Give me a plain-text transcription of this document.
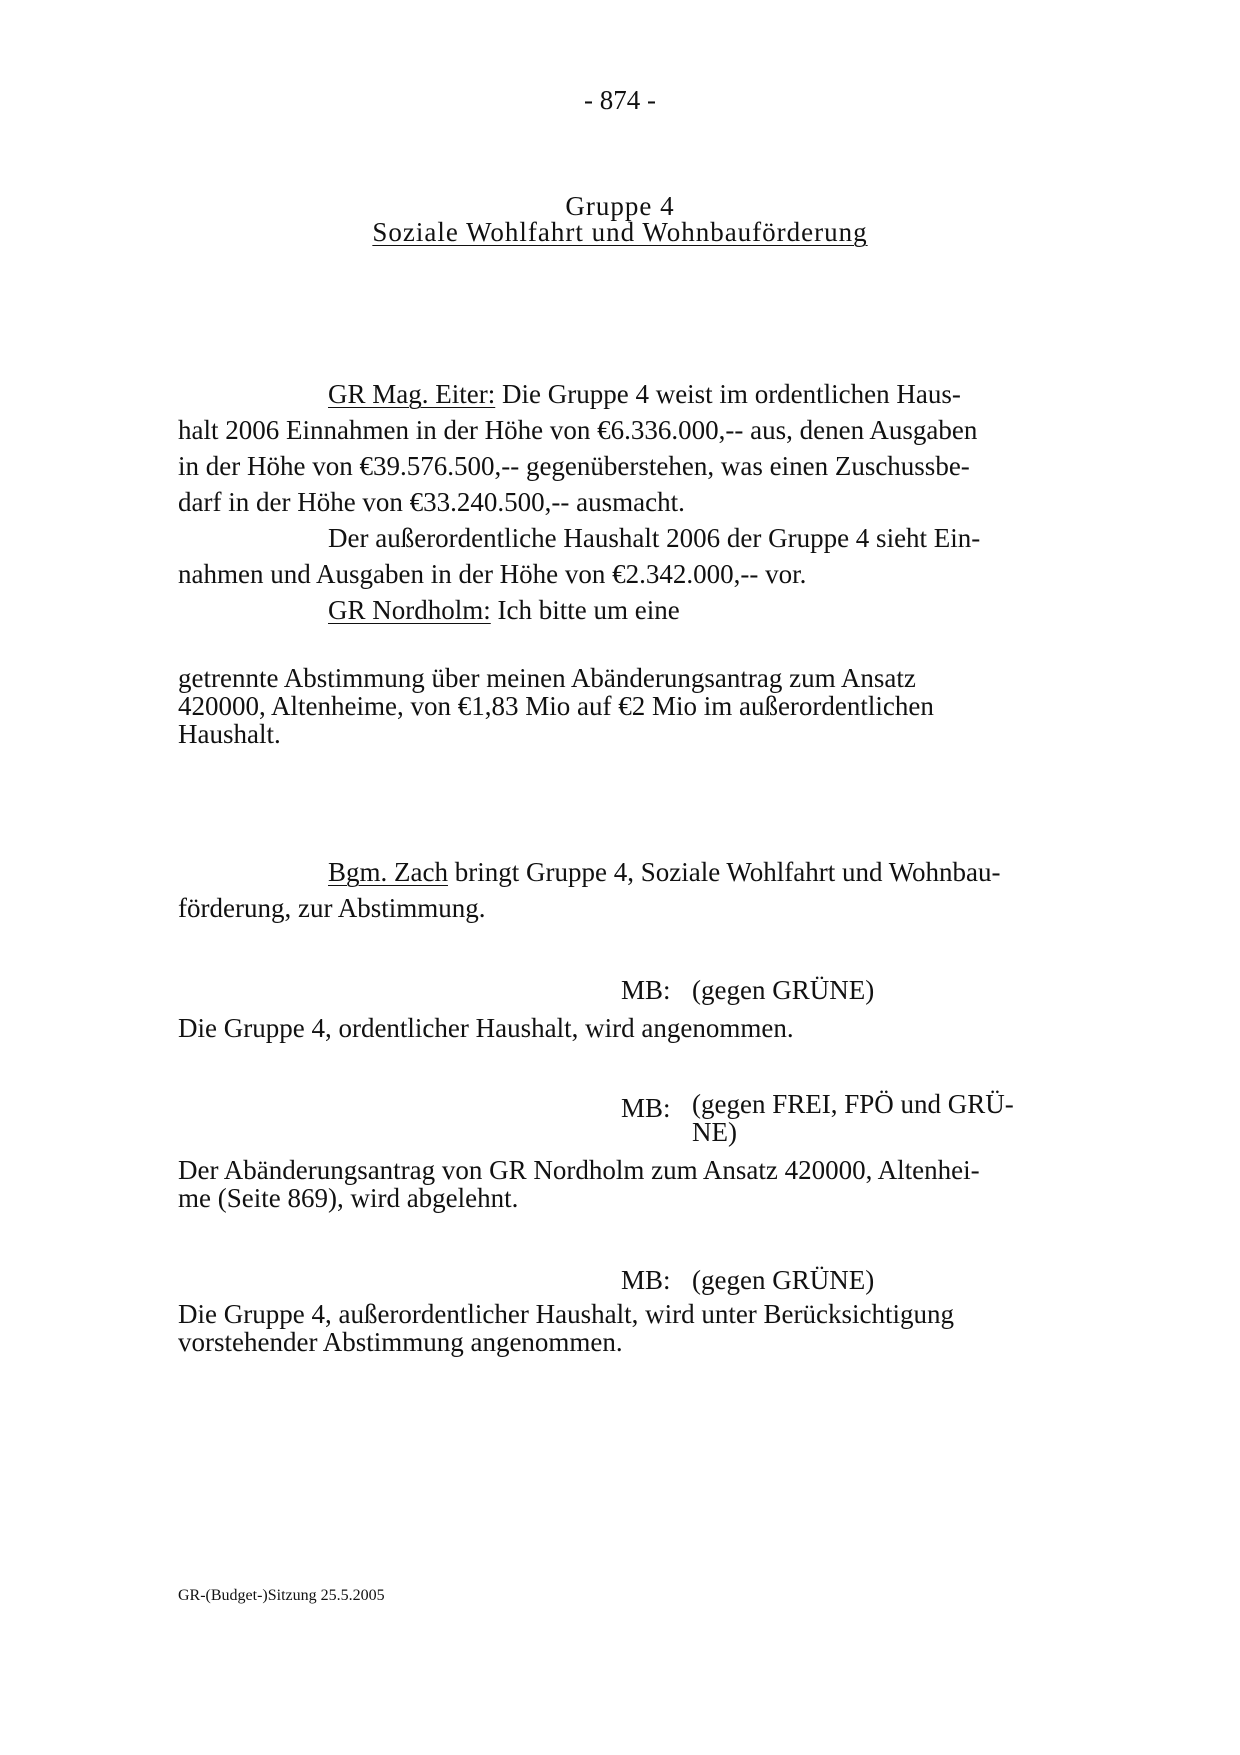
- 874 -
Gruppe 4
Soziale Wohlfahrt und Wohnbauförderung
GR Mag. Eiter: Die Gruppe 4 weist im ordentlichen Haus-
halt 2006 Einnahmen in der Höhe von €6.336.000,-- aus, denen Ausgaben
in der Höhe von €39.576.500,-- gegenüberstehen, was einen Zuschussbe-
darf in der Höhe von €33.240.500,-- ausmacht.
Der außerordentliche Haushalt 2006 der Gruppe 4 sieht Ein-
nahmen und Ausgaben in der Höhe von €2.342.000,-- vor.
GR Nordholm: Ich bitte um eine
getrennte Abstimmung über meinen Abänderungsantrag zum Ansatz
420000, Altenheime, von €1,83 Mio auf €2 Mio im außerordentlichen
Haushalt.
Bgm. Zach bringt Gruppe 4, Soziale Wohlfahrt und Wohnbau-
förderung, zur Abstimmung.
MB: (gegen GRÜNE)
Die Gruppe 4, ordentlicher Haushalt, wird angenommen.
MB: (gegen FREI, FPÖ und GRÜ-
NE)
Der Abänderungsantrag von GR Nordholm zum Ansatz 420000, Altenhei-
me (Seite 869), wird abgelehnt.
MB: (gegen GRÜNE)
Die Gruppe 4, außerordentlicher Haushalt, wird unter Berücksichtigung
vorstehender Abstimmung angenommen.
GR-(Budget-)Sitzung 25.5.2005
